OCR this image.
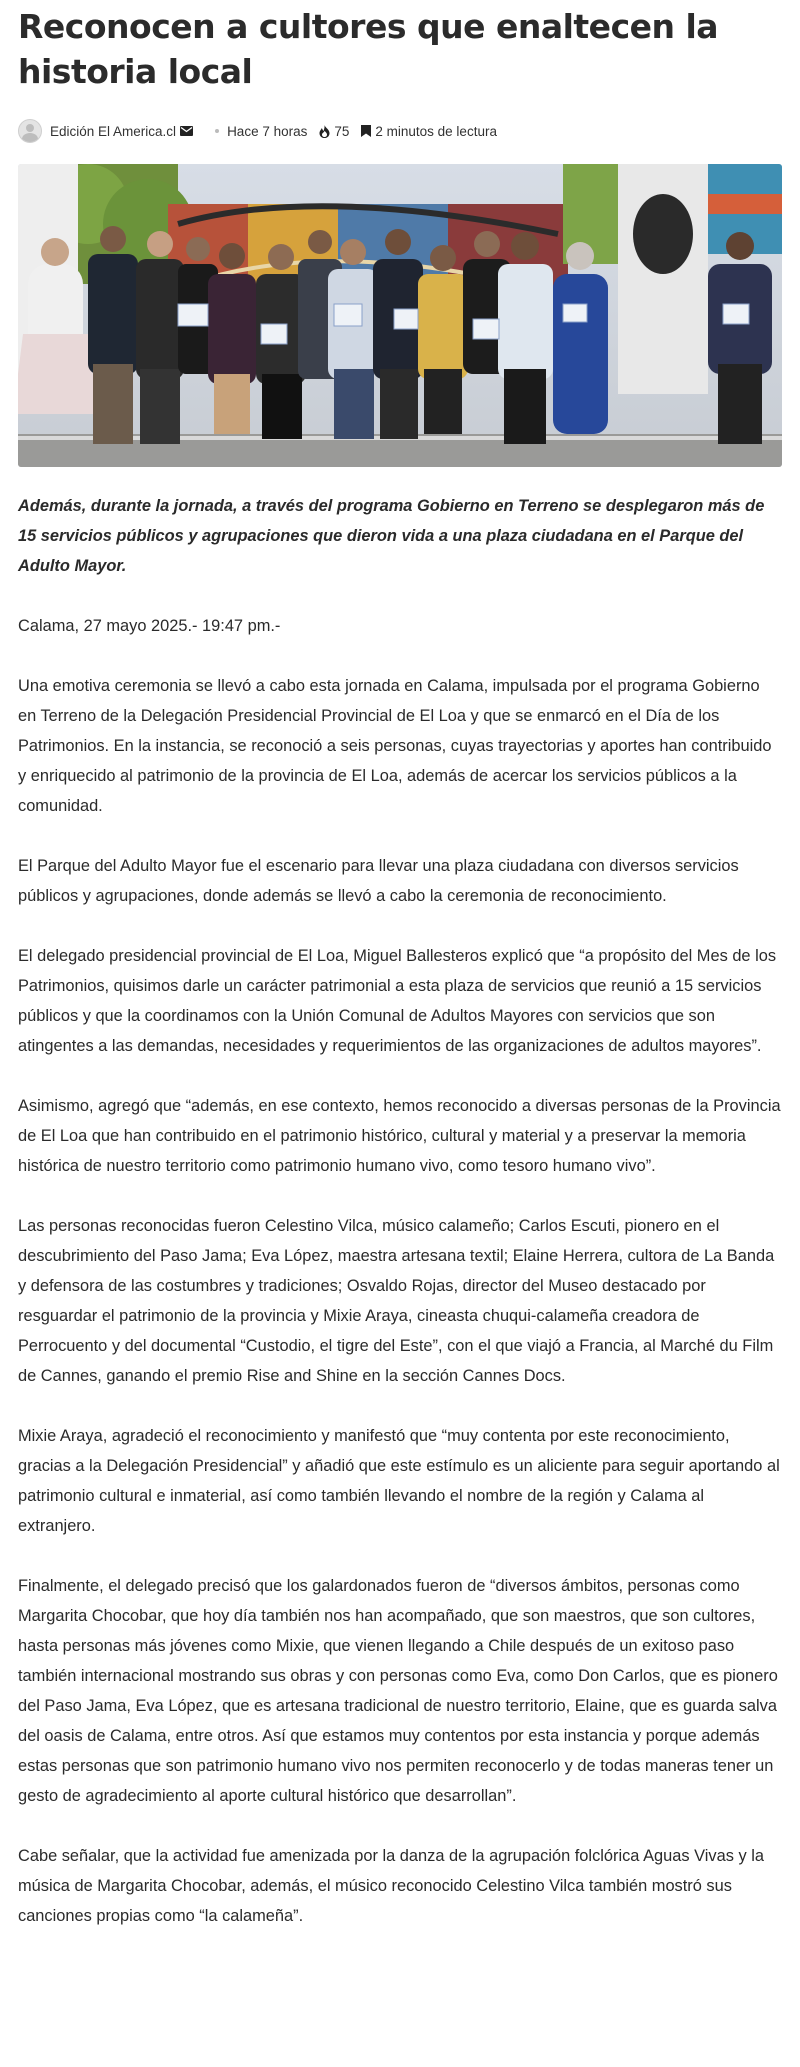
Reconocen a cultores que enaltecen la historia local
Edición El America.cl	Hace 7 horas 75 2 minutos de lectura

Además, durante la jornada, a través del programa Gobierno en Terreno se desplegaron más de 15 servicios públicos y agrupaciones que dieron vida a una plaza ciudadana en el Parque del Adulto Mayor.

Calama, 27 mayo 2025.- 19:47 pm.-

Una emotiva ceremonia se llevó a cabo esta jornada en Calama, impulsada por el programa Gobierno en Terreno de la Delegación Presidencial Provincial de El Loa y que se enmarcó en el Día de los Patrimonios. En la instancia, se reconoció a seis personas, cuyas trayectorias y aportes han contribuido y enriquecido al patrimonio de la provincia de El Loa, además de acercar los servicios públicos a la comunidad.

El Parque del Adulto Mayor fue el escenario para llevar una plaza ciudadana con diversos servicios públicos y agrupaciones, donde además se llevó a cabo la ceremonia de reconocimiento.

El delegado presidencial provincial de El Loa, Miguel Ballesteros explicó que “a propósito del Mes de los Patrimonios, quisimos darle un carácter patrimonial a esta plaza de servicios que reunió a 15 servicios públicos y que la coordinamos con la Unión Comunal de Adultos Mayores con servicios que son atingentes a las demandas, necesidades y requerimientos de las organizaciones de adultos mayores”.

Asimismo, agregó que “además, en ese contexto, hemos reconocido a diversas personas de la Provincia de El Loa que han contribuido en el patrimonio histórico, cultural y material y a preservar la memoria histórica de nuestro territorio como patrimonio humano vivo, como tesoro humano vivo”.

Las personas reconocidas fueron Celestino Vilca, músico calameño; Carlos Escuti, pionero en el descubrimiento del Paso Jama; Eva López, maestra artesana textil; Elaine Herrera, cultora de La Banda y defensora de las costumbres y tradiciones; Osvaldo Rojas, director del Museo destacado por resguardar el patrimonio de la provincia y Mixie Araya, cineasta chuqui-calameña creadora de Perrocuento y del documental “Custodio, el tigre del Este”, con el que viajó a Francia, al Marché du Film de Cannes, ganando el premio Rise and Shine en la sección Cannes Docs.

Mixie Araya, agradeció el reconocimiento y manifestó que “muy contenta por este reconocimiento, gracias a la Delegación Presidencial” y añadió que este estímulo es un aliciente para seguir aportando al patrimonio cultural e inmaterial, así como también llevando el nombre de la región y Calama al extranjero.

Finalmente, el delegado precisó que los galardonados fueron de “diversos ámbitos, personas como Margarita Chocobar, que hoy día también nos han acompañado, que son maestros, que son cultores, hasta personas más jóvenes como Mixie, que vienen llegando a Chile después de un exitoso paso también internacional mostrando sus obras y con personas como Eva, como Don Carlos, que es pionero del Paso Jama, Eva López, que es artesana tradicional de nuestro territorio, Elaine, que es guarda salva del oasis de Calama, entre otros. Así que estamos muy contentos por esta instancia y porque además estas personas que son patrimonio humano vivo nos permiten reconocerlo y de todas maneras tener un gesto de agradecimiento al aporte cultural histórico que desarrollan”.

Cabe señalar, que la actividad fue amenizada por la danza de la agrupación folclórica Aguas Vivas y la música de Margarita Chocobar, además, el músico reconocido Celestino Vilca también mostró sus canciones propias como “la calameña”.
